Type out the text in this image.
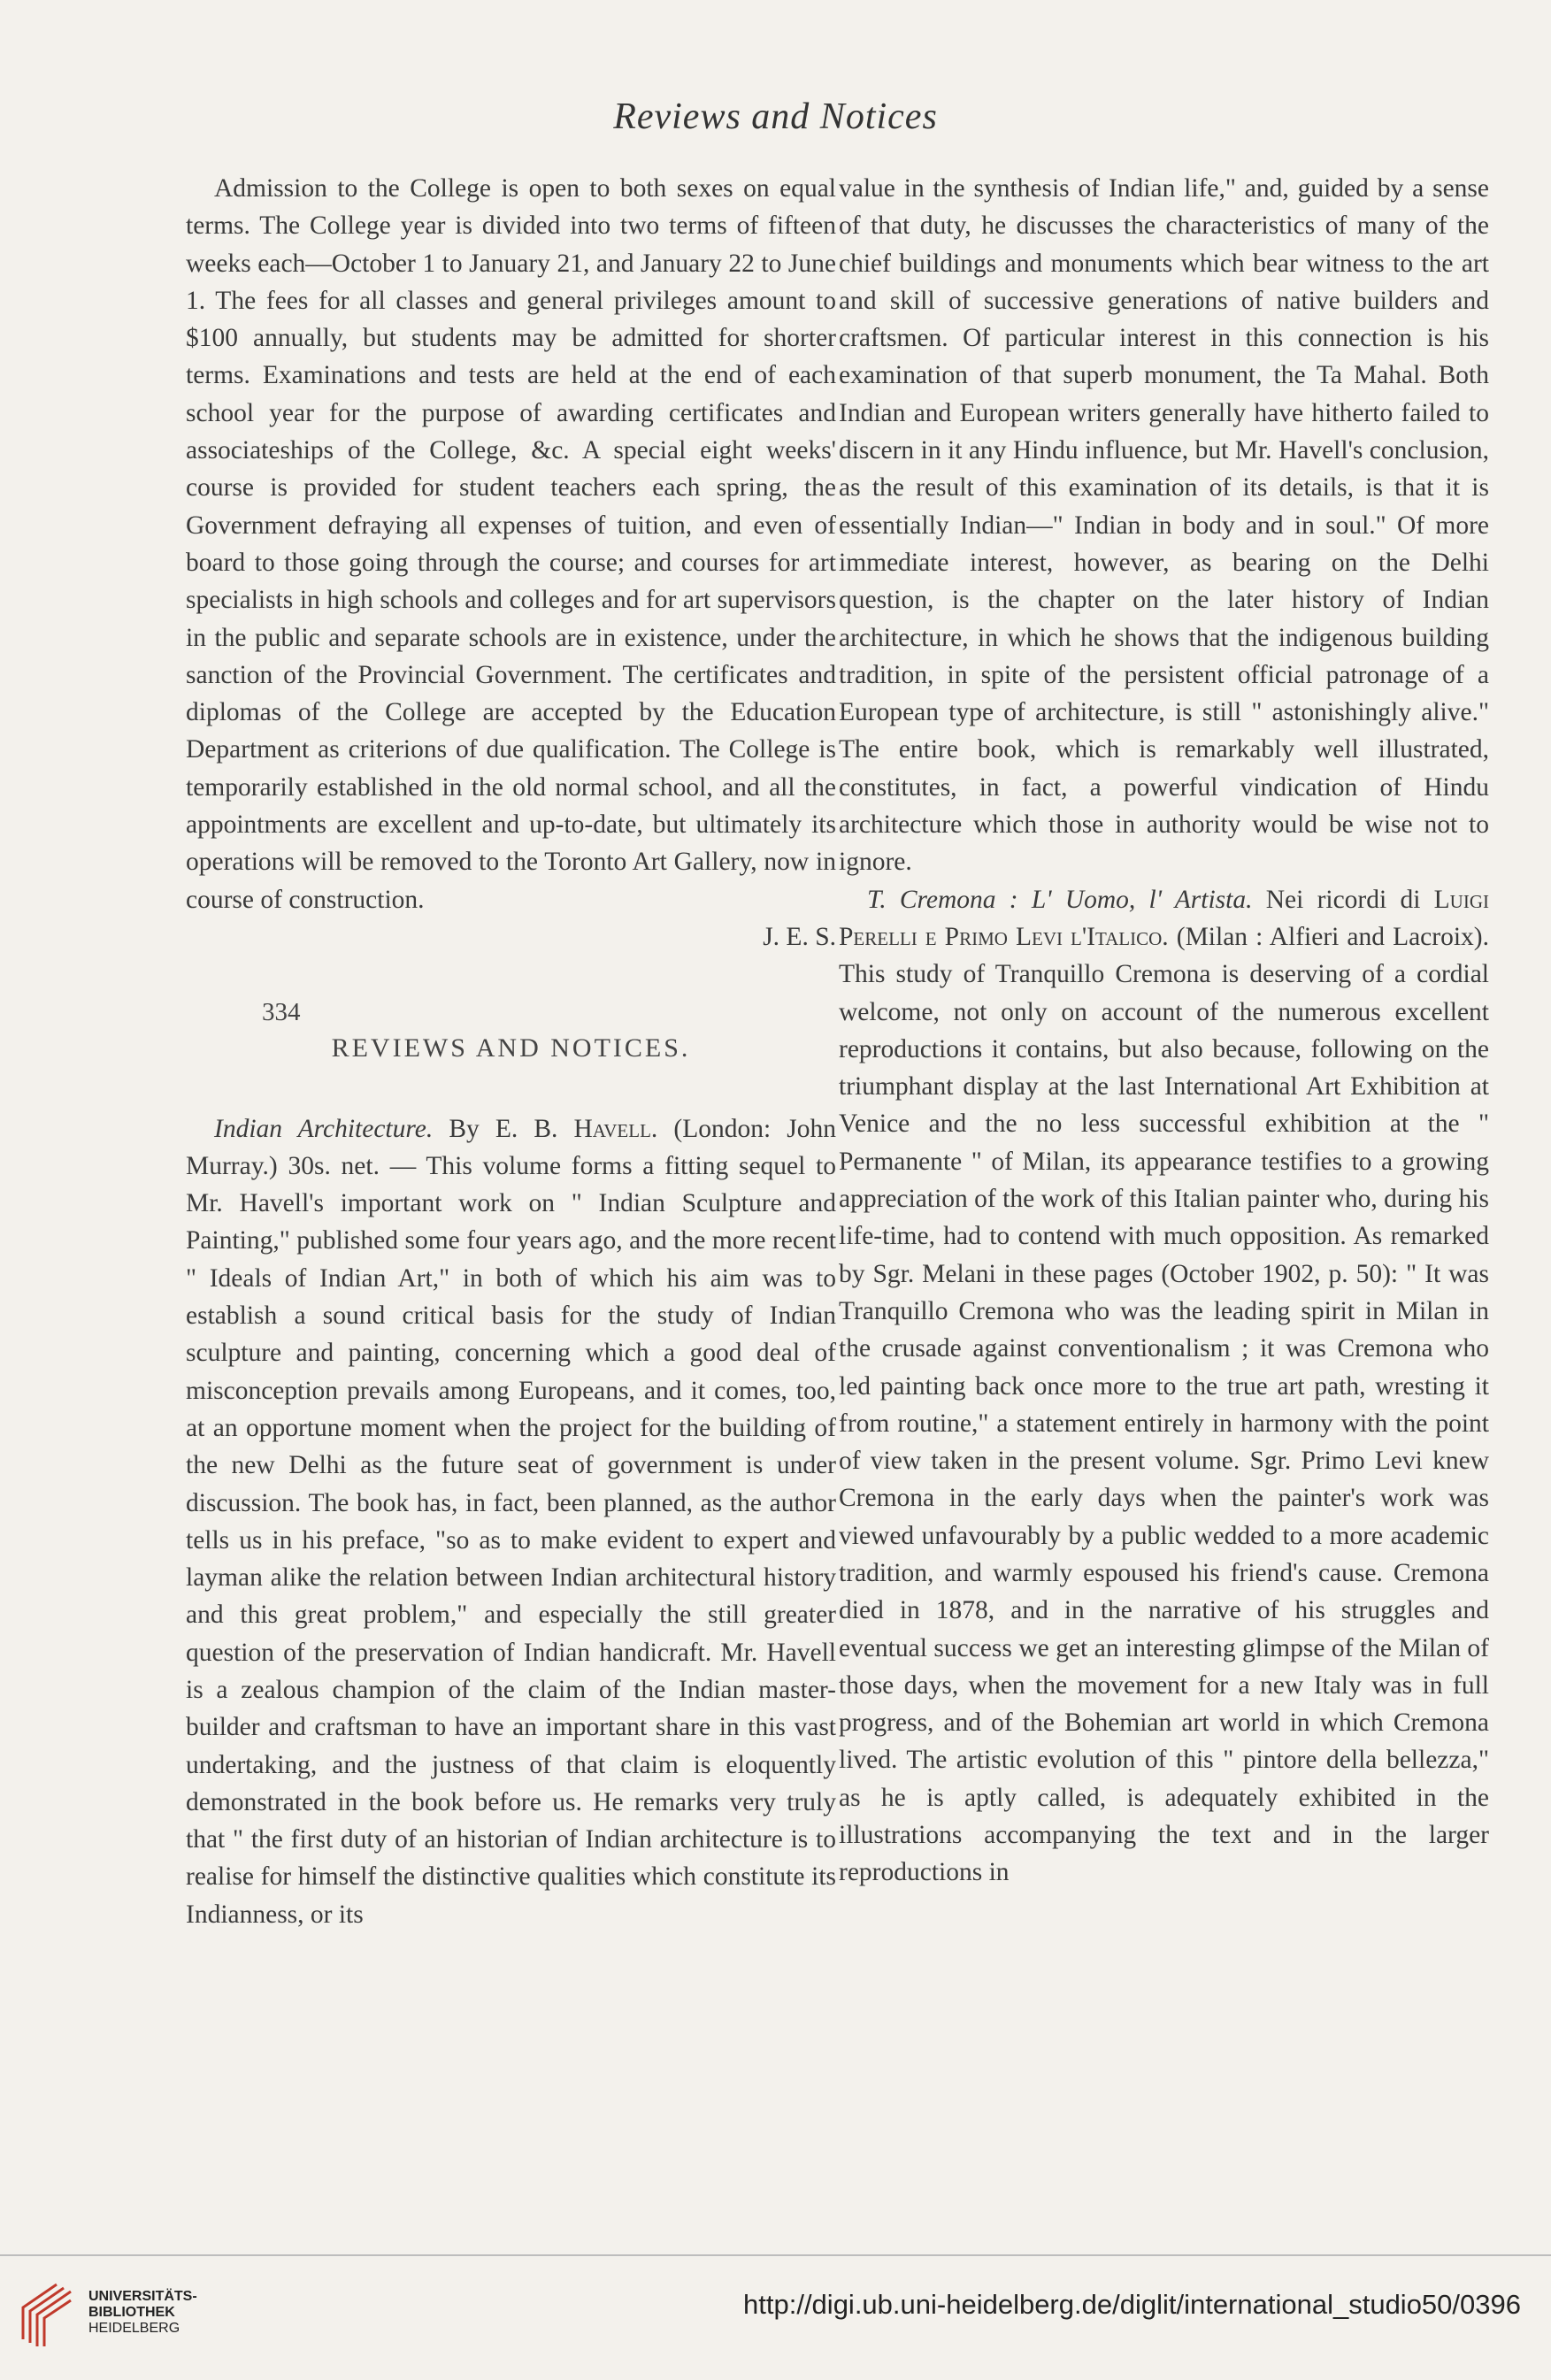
Reviews and Notices

Admission to the College is open to both sexes on equal terms. The College year is divided into two terms of fifteen weeks each—October 1 to January 21, and January 22 to June 1. The fees for all classes and general privileges amount to $100 annually, but students may be admitted for shorter terms. Examinations and tests are held at the end of each school year for the purpose of awarding certificates and associateships of the College, &c. A special eight weeks' course is provided for student teachers each spring, the Government defraying all expenses of tuition, and even of board to those going through the course; and courses for art specialists in high schools and colleges and for art supervisors in the public and separate schools are in existence, under the sanction of the Provincial Government. The certificates and diplomas of the College are accepted by the Education Department as criterions of due qualification. The College is temporarily established in the old normal school, and all the appointments are excellent and up-to-date, but ultimately its operations will be removed to the Toronto Art Gallery, now in course of construction.

J. E. S.

REVIEWS AND NOTICES.

Indian Architecture. By E. B. Havell. (London: John Murray.) 30s. net. — This volume forms a fitting sequel to Mr. Havell's important work on " Indian Sculpture and Painting," published some four years ago, and the more recent " Ideals of Indian Art," in both of which his aim was to establish a sound critical basis for the study of Indian sculpture and painting, concerning which a good deal of misconception prevails among Europeans, and it comes, too, at an opportune moment when the project for the building of the new Delhi as the future seat of government is under discussion. The book has, in fact, been planned, as the author tells us in his preface, "so as to make evident to expert and layman alike the relation between Indian architectural history and this great problem," and especially the still greater question of the preservation of Indian handicraft. Mr. Havell is a zealous champion of the claim of the Indian master-builder and craftsman to have an important share in this vast undertaking, and the justness of that claim is eloquently demonstrated in the book before us. He remarks very truly that " the first duty of an historian of Indian architecture is to realise for himself the distinctive qualities which constitute its Indianness, or its

value in the synthesis of Indian life," and, guided by a sense of that duty, he discusses the characteristics of many of the chief buildings and monuments which bear witness to the art and skill of successive generations of native builders and craftsmen. Of particular interest in this connection is his examination of that superb monument, the Ta Mahal. Both Indian and European writers generally have hitherto failed to discern in it any Hindu influence, but Mr. Havell's conclusion, as the result of this examination of its details, is that it is essentially Indian—" Indian in body and in soul." Of more immediate interest, however, as bearing on the Delhi question, is the chapter on the later history of Indian architecture, in which he shows that the indigenous building tradition, in spite of the persistent official patronage of a European type of architecture, is still " astonishingly alive." The entire book, which is remarkably well illustrated, constitutes, in fact, a powerful vindication of Hindu architecture which those in authority would be wise not to ignore.

T. Cremona : L' Uomo, l' Artista. Nei ricordi di Luigi Perelli e Primo Levi l'Italico. (Milan : Alfieri and Lacroix). This study of Tranquillo Cremona is deserving of a cordial welcome, not only on account of the numerous excellent reproductions it contains, but also because, following on the triumphant display at the last International Art Exhibition at Venice and the no less successful exhibition at the " Permanente " of Milan, its appearance testifies to a growing appreciation of the work of this Italian painter who, during his life-time, had to contend with much opposition. As remarked by Sgr. Melani in these pages (October 1902, p. 50): " It was Tranquillo Cremona who was the leading spirit in Milan in the crusade against conventionalism ; it was Cremona who led painting back once more to the true art path, wresting it from routine," a statement entirely in harmony with the point of view taken in the present volume. Sgr. Primo Levi knew Cremona in the early days when the painter's work was viewed unfavourably by a public wedded to a more academic tradition, and warmly espoused his friend's cause. Cremona died in 1878, and in the narrative of his struggles and eventual success we get an interesting glimpse of the Milan of those days, when the movement for a new Italy was in full progress, and of the Bohemian art world in which Cremona lived. The artistic evolution of this " pintore della bellezza," as he is aptly called, is adequately exhibited in the illustrations accompanying the text and in the larger reproductions in

334
UNIVERSITÄTS-
BIBLIOTHEK
HEIDELBERG
http://digi.ub.uni-heidelberg.de/diglit/international_studio50/0396
